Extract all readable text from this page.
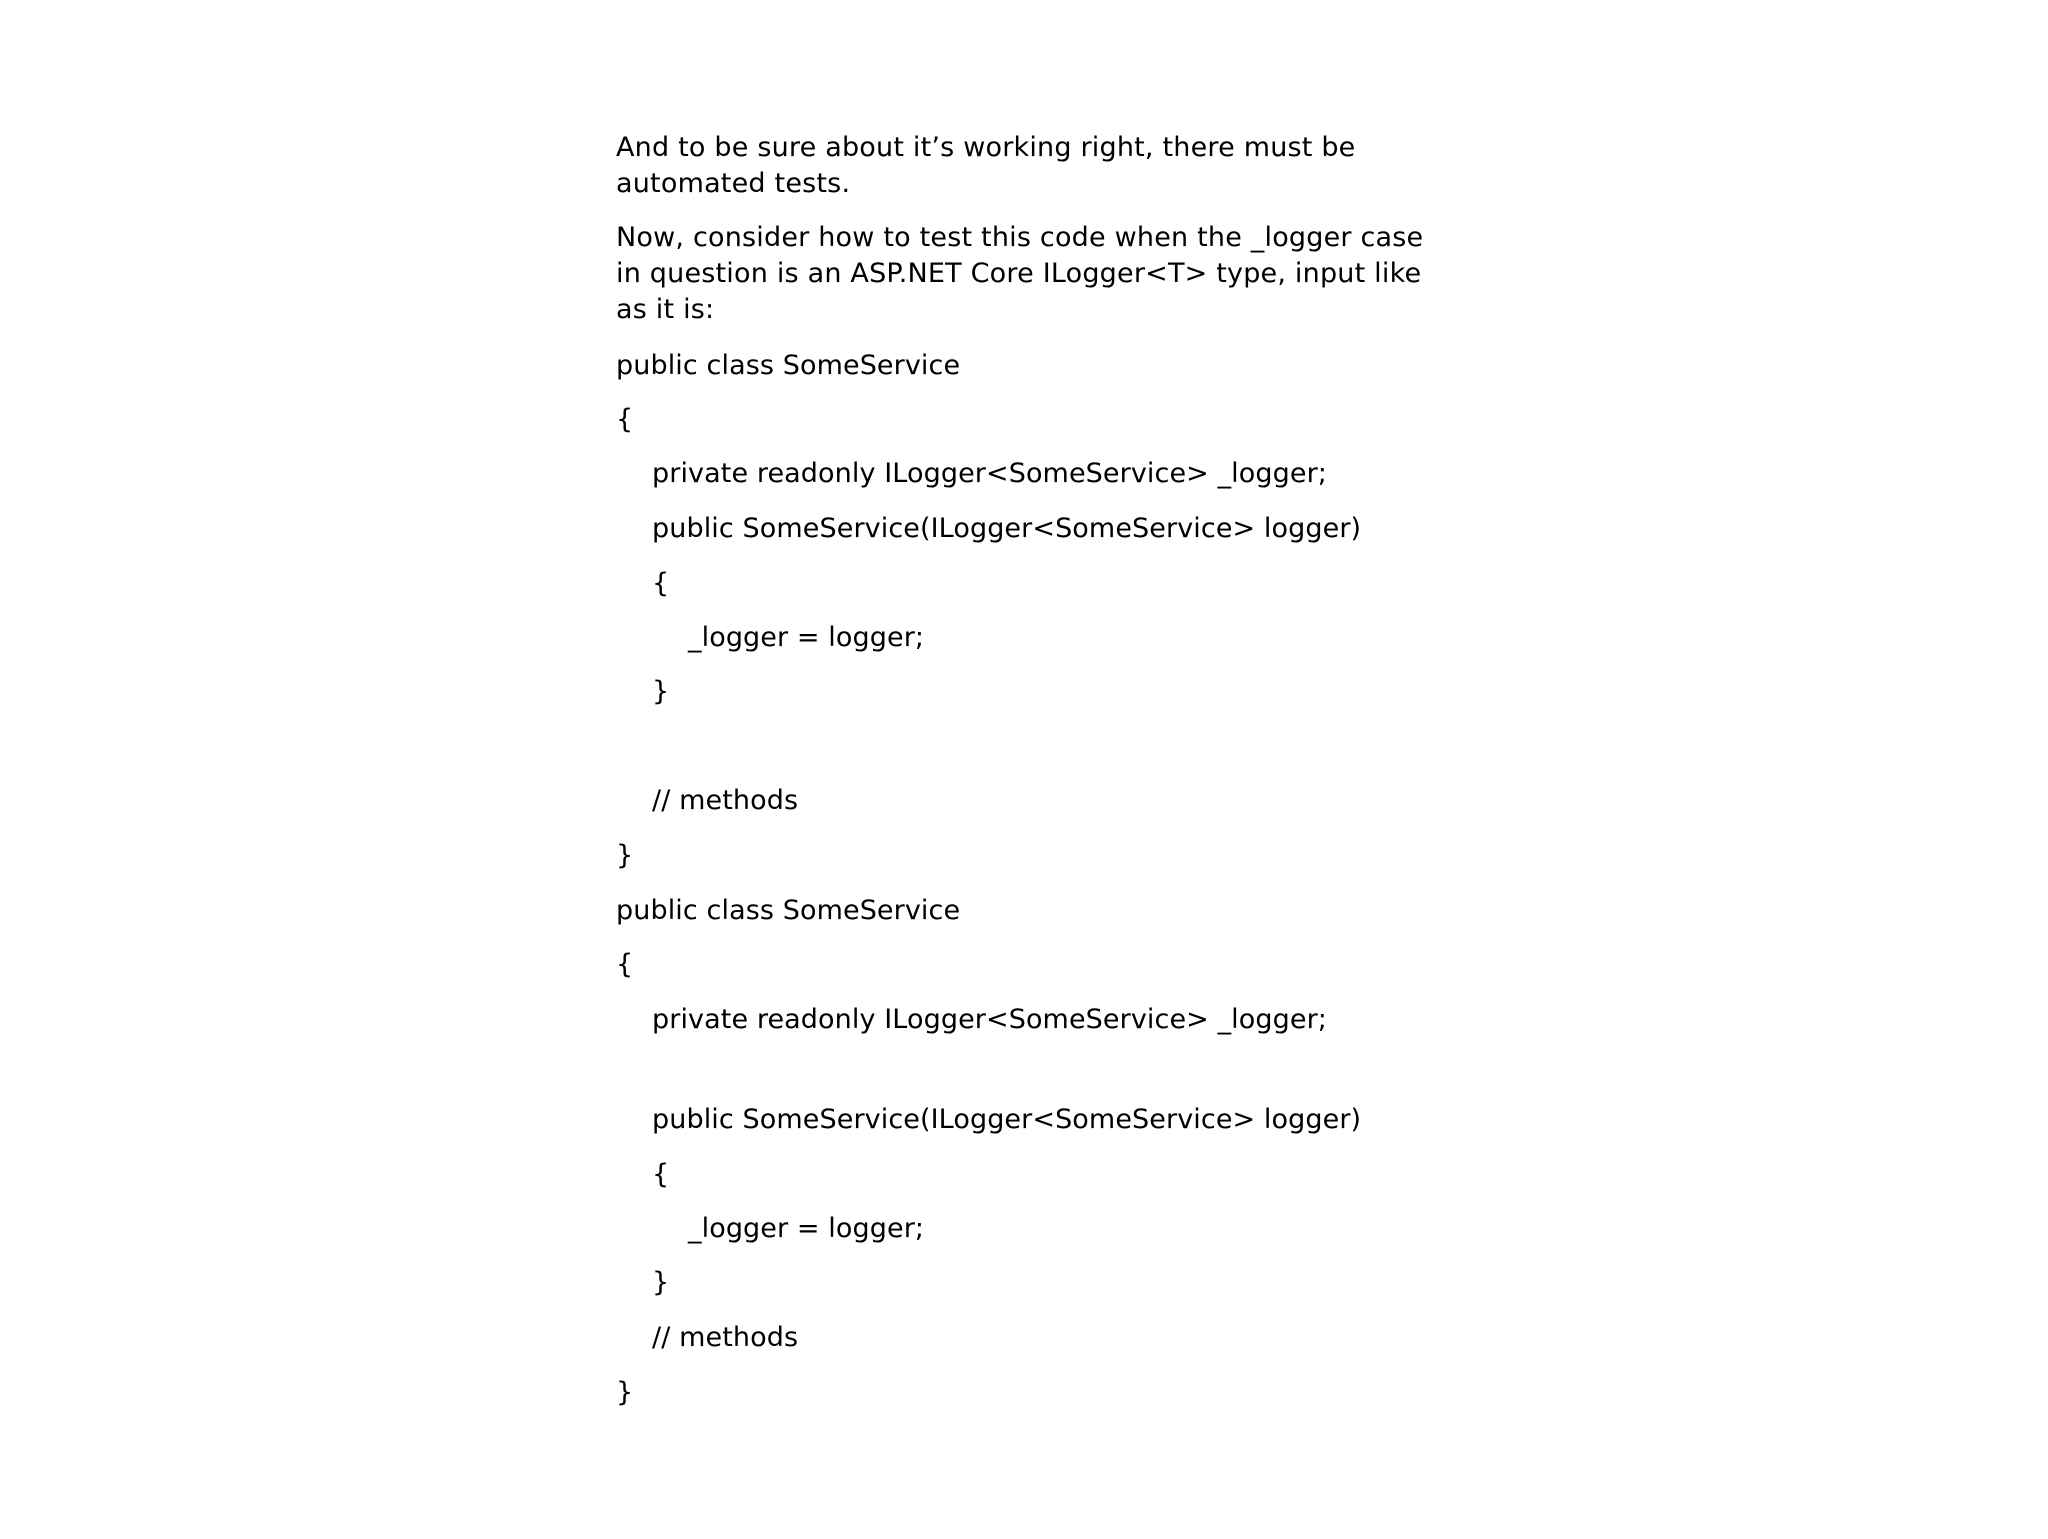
And to be sure about it’s working right, there must be automated tests.

Now, consider how to test this code when the _logger case in question is an ASP.NET Core ILogger<T> type, input like as it is:

public class SomeService
{
private readonly ILogger<SomeService> _logger;
public SomeService(ILogger<SomeService> logger)
{
_logger = logger;
}
// methods
}
public class SomeService
{
private readonly ILogger<SomeService> _logger;
public SomeService(ILogger<SomeService> logger)
{
_logger = logger;
}
// methods
}
